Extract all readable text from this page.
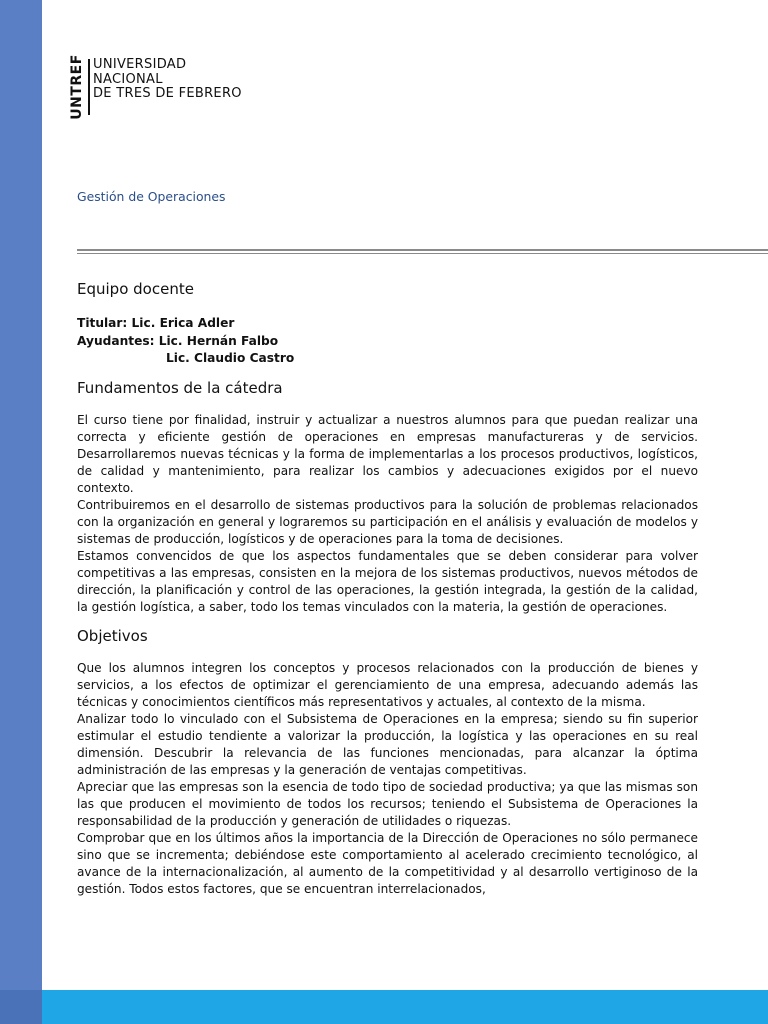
UNTREF UNIVERSIDAD
NACIONAL
DE TRES DE FEBRERO
Gestión de Operaciones
Equipo docente
Titular: Lic. Erica Adler
Ayudantes: Lic. Hernán Falbo
Lic. Claudio Castro
Fundamentos de la cátedra

El curso tiene por finalidad, instruir y actualizar a nuestros alumnos para que puedan realizar una correcta y eficiente gestión de operaciones en empresas manufactureras y de servicios. Desarrollaremos nuevas técnicas y la forma de implementarlas a los procesos productivos, logísticos, de calidad y mantenimiento, para realizar los cambios y adecuaciones exigidos por el nuevo contexto.

Contribuiremos en el desarrollo de sistemas productivos para la solución de problemas relacionados con la organización en general y lograremos su participación en el análisis y evaluación de modelos y sistemas de producción, logísticos y de operaciones para la toma de decisiones.

Estamos convencidos de que los aspectos fundamentales que se deben considerar para volver competitivas a las empresas, consisten en la mejora de los sistemas productivos, nuevos métodos de dirección, la planificación y control de las operaciones, la gestión integrada, la gestión de la calidad, la gestión logística, a saber, todo los temas vinculados con la materia, la gestión de operaciones.

Objetivos

Que los alumnos integren los conceptos y procesos relacionados con la producción de bienes y servicios, a los efectos de optimizar el gerenciamiento de una empresa, adecuando además las técnicas y conocimientos científicos más representativos y actuales, al contexto de la misma.

Analizar todo lo vinculado con el Subsistema de Operaciones en la empresa; siendo su fin superior estimular el estudio tendiente a valorizar la producción, la logística y las operaciones en su real dimensión. Descubrir la relevancia de las funciones mencionadas, para alcanzar la óptima administración de las empresas y la generación de ventajas competitivas.

Apreciar que las empresas son la esencia de todo tipo de sociedad productiva; ya que las mismas son las que producen el movimiento de todos los recursos; teniendo el Subsistema de Operaciones la responsabilidad de la producción y generación de utilidades o riquezas.

Comprobar que en los últimos años la importancia de la Dirección de Operaciones no sólo permanece sino que se incrementa; debiéndose este comportamiento al acelerado crecimiento tecnológico, al avance de la internacionalización, al aumento de la competitividad y al desarrollo vertiginoso de la gestión. Todos estos factores, que se encuentran interrelacionados,
